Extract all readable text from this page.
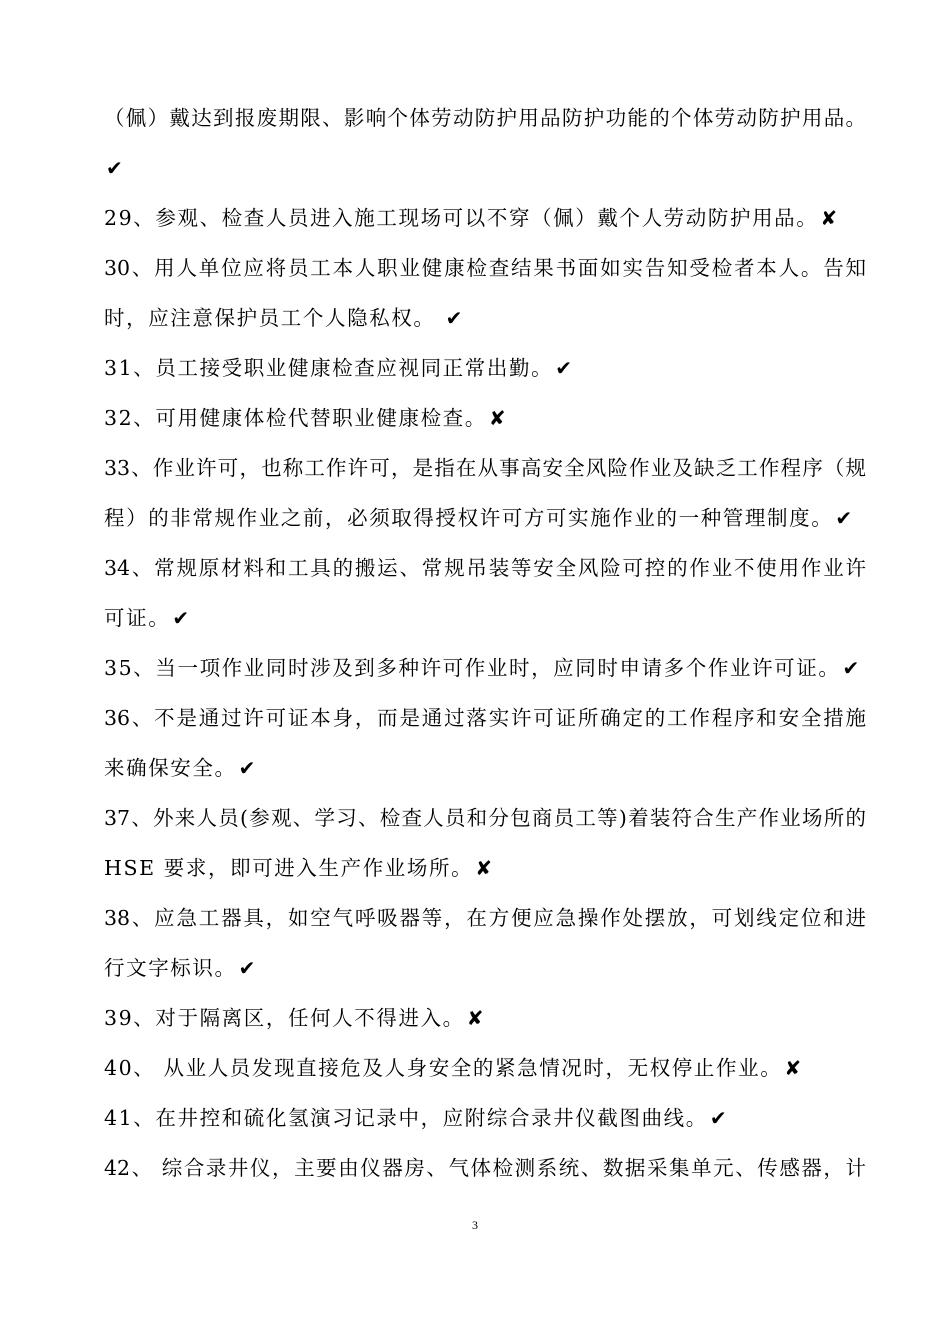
（佩）戴达到报废期限、影响个体劳动防护用品防护功能的个体劳动防护用品。
✔
29、参观、检查人员进入施工现场可以不穿（佩）戴个人劳动防护用品。 ✘
30、用人单位应将员工本人职业健康检查结果书面如实告知受检者本人。告知
时，应注意保护员工个人隐私权。 ✔
31、员工接受职业健康检查应视同正常出勤。 ✔
32、可用健康体检代替职业健康检查。 ✘
33、作业许可，也称工作许可，是指在从事高安全风险作业及缺乏工作程序（规
程）的非常规作业之前，必须取得授权许可方可实施作业的一种管理制度。 ✔
34、常规原材料和工具的搬运、常规吊装等安全风险可控的作业不使用作业许
可证。 ✔
35、当一项作业同时涉及到多种许可作业时，应同时申请多个作业许可证。 ✔
36、不是通过许可证本身，而是通过落实许可证所确定的工作程序和安全措施
来确保安全。 ✔
37、外来人员(参观、学习、检查人员和分包商员工等)着装符合生产作业场所的
HSE 要求，即可进入生产作业场所。 ✘
38、应急工器具，如空气呼吸器等，在方便应急操作处摆放，可划线定位和进
行文字标识。 ✔
39、对于隔离区，任何人不得进入。 ✘
40、 从业人员发现直接危及人身安全的紧急情况时，无权停止作业。 ✘
41、在井控和硫化氢演习记录中，应附综合录井仪截图曲线。 ✔
42、 综合录井仪，主要由仪器房、气体检测系统、数据采集单元、传感器，计
3
